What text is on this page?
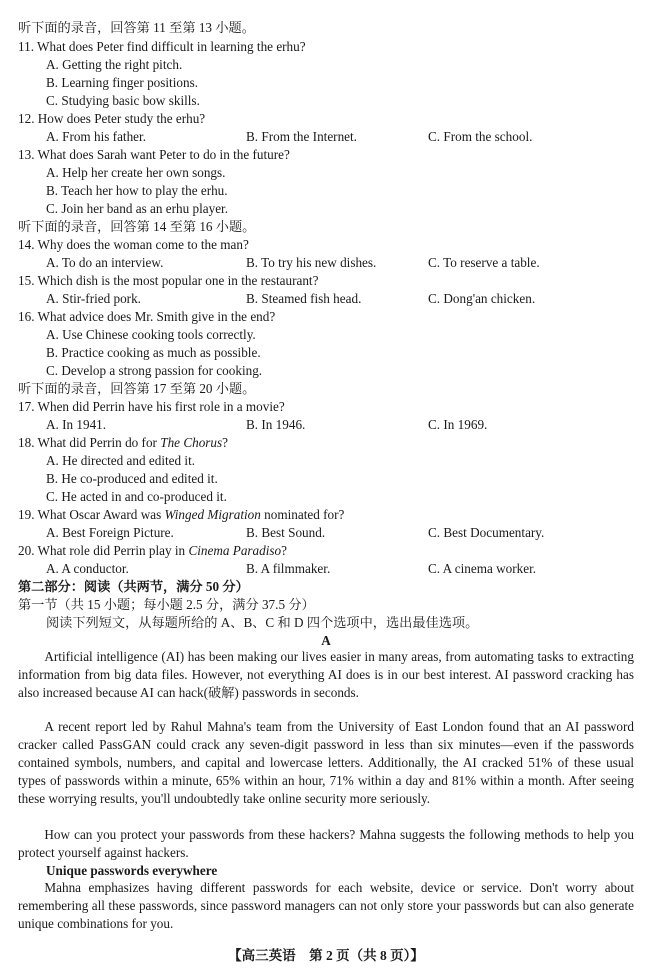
听下面的录音，回答第 11 至第 13 小题。
11. What does Peter find difficult in learning the erhu?
A. Getting the right pitch.
B. Learning finger positions.
C. Studying basic bow skills.
12. How does Peter study the erhu?
A. From his father.	B. From the Internet.	C. From the school.
13. What does Sarah want Peter to do in the future?
A. Help her create her own songs.
B. Teach her how to play the erhu.
C. Join her band as an erhu player.
听下面的录音，回答第 14 至第 16 小题。
14. Why does the woman come to the man?
A. To do an interview.	B. To try his new dishes.	C. To reserve a table.
15. Which dish is the most popular one in the restaurant?
A. Stir-fried pork.	B. Steamed fish head.	C. Dong'an chicken.
16. What advice does Mr. Smith give in the end?
A. Use Chinese cooking tools correctly.
B. Practice cooking as much as possible.
C. Develop a strong passion for cooking.
听下面的录音，回答第 17 至第 20 小题。
17. When did Perrin have his first role in a movie?
A. In 1941.	B. In 1946.	C. In 1969.
18. What did Perrin do for The Chorus?
A. He directed and edited it.
B. He co-produced and edited it.
C. He acted in and co-produced it.
19. What Oscar Award was Winged Migration nominated for?
A. Best Foreign Picture.	B. Best Sound.	C. Best Documentary.
20. What role did Perrin play in Cinema Paradiso?
A. A conductor.	B. A filmmaker.	C. A cinema worker.
第二部分：阅读（共两节，满分 50 分）
第一节（共 15 小题；每小题 2.5 分，满分 37.5 分）
阅读下列短文，从每题所给的 A、B、C 和 D 四个选项中，选出最佳选项。
A
Artificial intelligence (AI) has been making our lives easier in many areas, from automating tasks to extracting information from big data files. However, not everything AI does is in our best interest. AI password cracking has also increased because AI can hack(破解) passwords in seconds.
A recent report led by Rahul Mahna's team from the University of East London found that an AI password cracker called PassGAN could crack any seven-digit password in less than six minutes—even if the passwords contained symbols, numbers, and capital and lowercase letters. Additionally, the AI cracked 51% of these usual types of passwords within a minute, 65% within an hour, 71% within a day and 81% within a month. After seeing these worrying results, you'll undoubtedly take online security more seriously.
How can you protect your passwords from these hackers? Mahna suggests the following methods to help you protect yourself against hackers.
Unique passwords everywhere
Mahna emphasizes having different passwords for each website, device or service. Don't worry about remembering all these passwords, since password managers can not only store your passwords but can also generate unique combinations for you.
【高三英语　第 2 页（共 8 页）】
